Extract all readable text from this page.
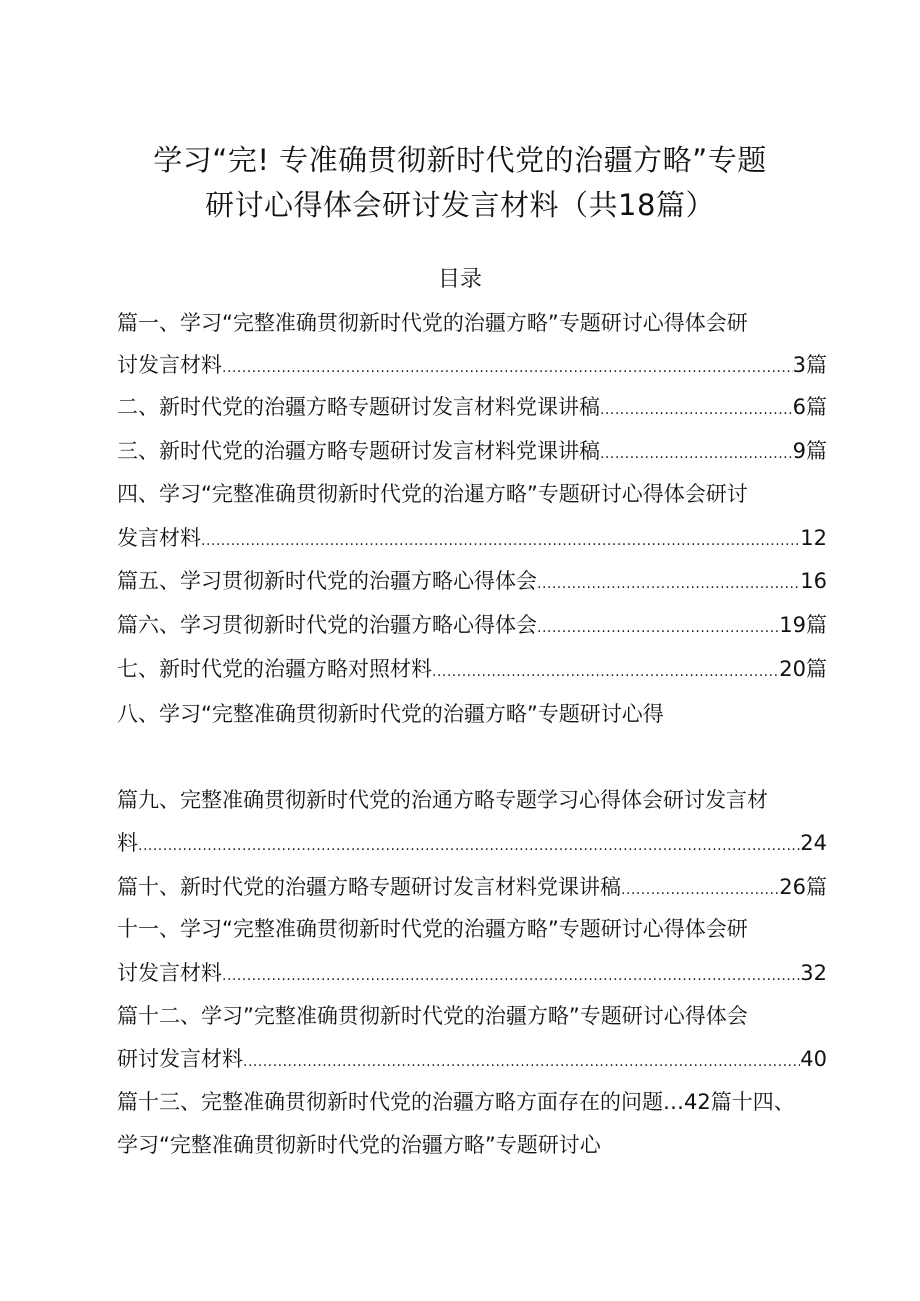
学习“完! 专准确贯彻新时代党的治疆方略”专题
研讨心得体会研讨发言材料（共18篇）
目录
篇一、学习“完整准确贯彻新时代党的治疆方略”专题研讨心得体会研
讨发言材料 .....	3篇
二、新时代党的治疆方略专题研讨发言材料党课讲稿 .....	6篇
三、新时代党的治疆方略专题研讨发言材料党课讲稿 .....	9篇
四、学习“完整准确贯彻新时代党的治暹方略”专题研讨心得体会研讨
发言材料 .....	12
篇五、学习贯彻新时代党的治疆方略心得体会 .....	16
篇六、学习贯彻新时代党的治疆方略心得体会 .....	19篇
七、新时代党的治疆方略对照材料 .....	20篇
八、学习“完整准确贯彻新时代党的治疆方略”专题研讨心得
篇九、完整准确贯彻新时代党的治通方略专题学习心得体会研讨发言材
料 .....	24
篇十、新时代党的治疆方略专题研讨发言材料党课讲稿 .....	26篇
十一、学习“完整准确贯彻新时代党的治疆方略”专题研讨心得体会研
讨发言材料 .....	32
篇十二、学习”完整准确贯彻新时代党的治疆方略”专题研讨心得体会
研讨发言材料 .....	40
篇十三、完整准确贯彻新时代党的治疆方略方面存在的问题…42篇十四、
学习“完整准确贯彻新时代党的治疆方略”专题研讨心
